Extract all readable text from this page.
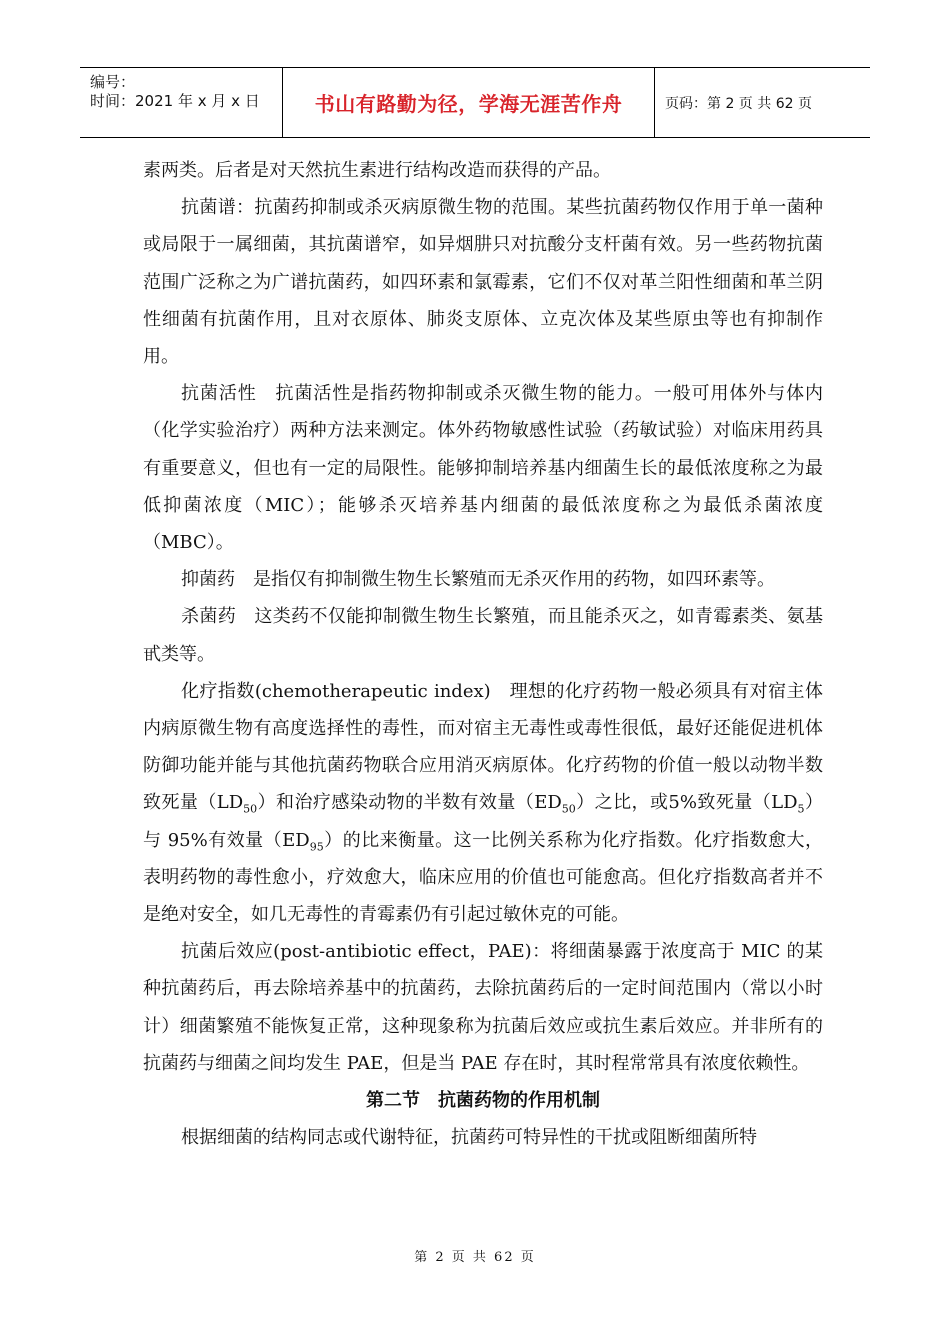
编号：
时间：2021 年 x 月 x 日	书山有路勤为径，学海无涯苦作舟	页码：第 2 页 共 62 页

素两类。后者是对天然抗生素进行结构改造而获得的产品。

抗菌谱：抗菌药抑制或杀灭病原微生物的范围。某些抗菌药物仅作用于单一菌种或局限于一属细菌，其抗菌谱窄，如异烟肼只对抗酸分支杆菌有效。另一些药物抗菌范围广泛称之为广谱抗菌药，如四环素和氯霉素，它们不仅对革兰阳性细菌和革兰阴性细菌有抗菌作用，且对衣原体、肺炎支原体、立克次体及某些原虫等也有抑制作用。

抗菌活性　抗菌活性是指药物抑制或杀灭微生物的能力。一般可用体外与体内（化学实验治疗）两种方法来测定。体外药物敏感性试验（药敏试验）对临床用药具有重要意义，但也有一定的局限性。能够抑制培养基内细菌生长的最低浓度称之为最低抑菌浓度（MIC）；能够杀灭培养基内细菌的最低浓度称之为最低杀菌浓度（MBC）。

抑菌药　是指仅有抑制微生物生长繁殖而无杀灭作用的药物，如四环素等。

杀菌药　这类药不仅能抑制微生物生长繁殖，而且能杀灭之，如青霉素类、氨基甙类等。

化疗指数(chemotherapeutic index)　理想的化疗药物一般必须具有对宿主体内病原微生物有高度选择性的毒性，而对宿主无毒性或毒性很低，最好还能促进机体防御功能并能与其他抗菌药物联合应用消灭病原体。化疗药物的价值一般以动物半数致死量$(LD_{50})$和治疗感染动物的半数有效量$(ED_{50})$之比，或5%致死量$(LD_5)$与 95%有效量$(ED_{95})$的比来衡量。这一比例关系称为化疗指数。化疗指数愈大，表明药物的毒性愈小，疗效愈大，临床应用的价值也可能愈高。但化疗指数高者并不是绝对安全，如几无毒性的青霉素仍有引起过敏休克的可能。

抗菌后效应(post-antibiotic effect，PAE)：将细菌暴露于浓度高于 MIC 的某种抗菌药后，再去除培养基中的抗菌药，去除抗菌药后的一定时间范围内（常以小时计）细菌繁殖不能恢复正常，这种现象称为抗菌后效应或抗生素后效应。并非所有的抗菌药与细菌之间均发生 PAE，但是当 PAE 存在时，其时程常常具有浓度依赖性。

第二节　抗菌药物的作用机制

根据细菌的结构同志或代谢特征，抗菌药可特异性的干扰或阻断细菌所特

第 2 页 共 62 页
